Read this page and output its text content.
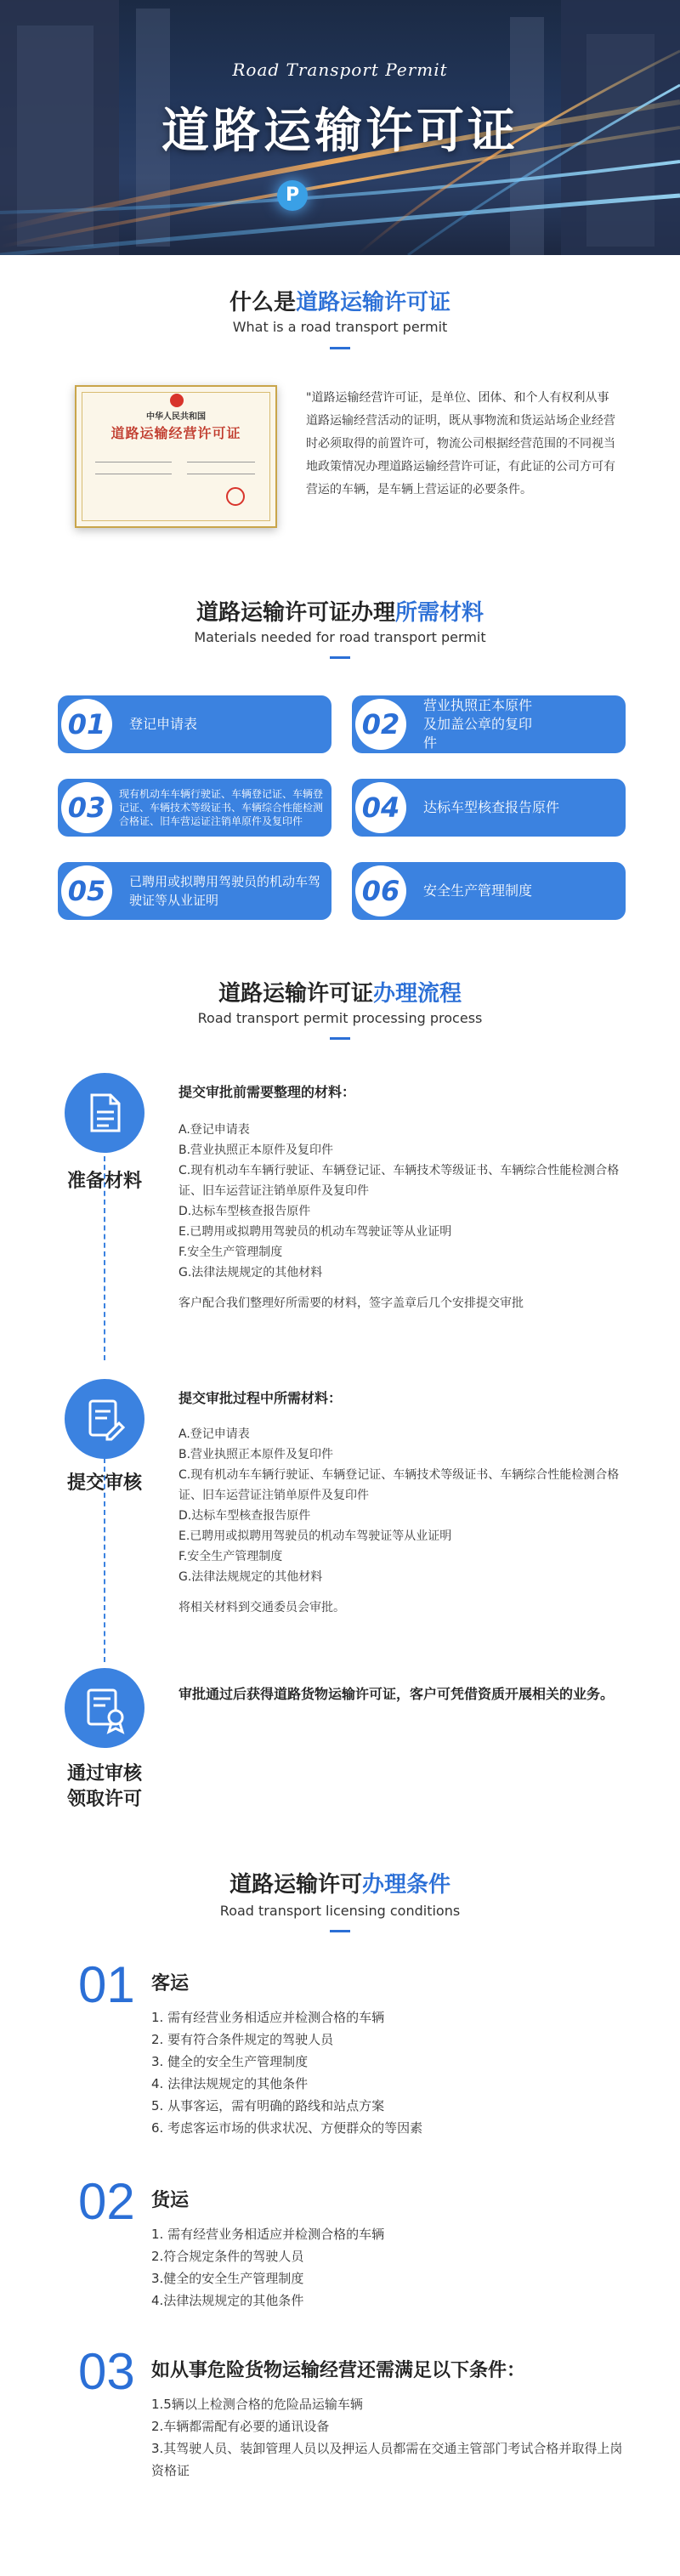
Road Transport Permit
道路运输许可证
P
什么是道路运输许可证
What is a road transport permit
中华人民共和国
道路运输经营许可证
"道路运输经营许可证，是单位、团体、和个人有权利从事道路运输经营活动的证明，既从事物流和货运站场企业经营时必须取得的前置许可，物流公司根据经营范围的不同视当地政策情况办理道路运输经营许可证，有此证的公司方可有营运的车辆，是车辆上营运证的必要条件。
道路运输许可证办理所需材料
Materials needed for road transport permit
01	登记申请表	02
营业执照正本原件及加盖公章的复印件
03	现有机动车车辆行驶证、车辆登记证、车辆登记证、车辆技术等级证书、车辆综合性能检测合格证、旧车营运证注销单原件及复印件	04	达标车型核查报告原件
05	已聘用或拟聘用驾驶员的机动车驾驶证等从业证明	06	安全生产管理制度
道路运输许可证办理流程
Road transport permit processing process
准备材料
提交审批前需要整理的材料：
A.登记申请表
B.营业执照正本原件及复印件
C.现有机动车车辆行驶证、车辆登记证、车辆技术等级证书、车辆综合性能检测合格证、旧车运营证注销单原件及复印件
D.达标车型核查报告原件
E.已聘用或拟聘用驾驶员的机动车驾驶证等从业证明
F.安全生产管理制度
G.法律法规规定的其他材料
客户配合我们整理好所需要的材料，签字盖章后几个安排提交审批
提交审核
提交审批过程中所需材料：
A.登记申请表
B.营业执照正本原件及复印件
C.现有机动车车辆行驶证、车辆登记证、车辆技术等级证书、车辆综合性能检测合格证、旧车运营证注销单原件及复印件
D.达标车型核查报告原件
E.已聘用或拟聘用驾驶员的机动车驾驶证等从业证明
F.安全生产管理制度
G.法律法规规定的其他材料
将相关材料到交通委员会审批。
通过审核
领取许可
审批通过后获得道路货物运输许可证，客户可凭借资质开展相关的业务。
道路运输许可办理条件
Road transport licensing conditions
01 客运
1. 需有经营业务相适应并检测合格的车辆
2. 要有符合条件规定的驾驶人员
3. 健全的安全生产管理制度
4. 法律法规规定的其他条件
5. 从事客运，需有明确的路线和站点方案
6. 考虑客运市场的供求状况、方便群众的等因素
02 货运
1. 需有经营业务相适应并检测合格的车辆
2.符合规定条件的驾驶人员
3.健全的安全生产管理制度
4.法律法规规定的其他条件
03 如从事危险货物运输经营还需满足以下条件：
1.5辆以上检测合格的危险品运输车辆
2.车辆都需配有必要的通讯设备
3.其驾驶人员、装卸管理人员以及押运人员都需在交通主管部门考试合格并取得上岗资格证
